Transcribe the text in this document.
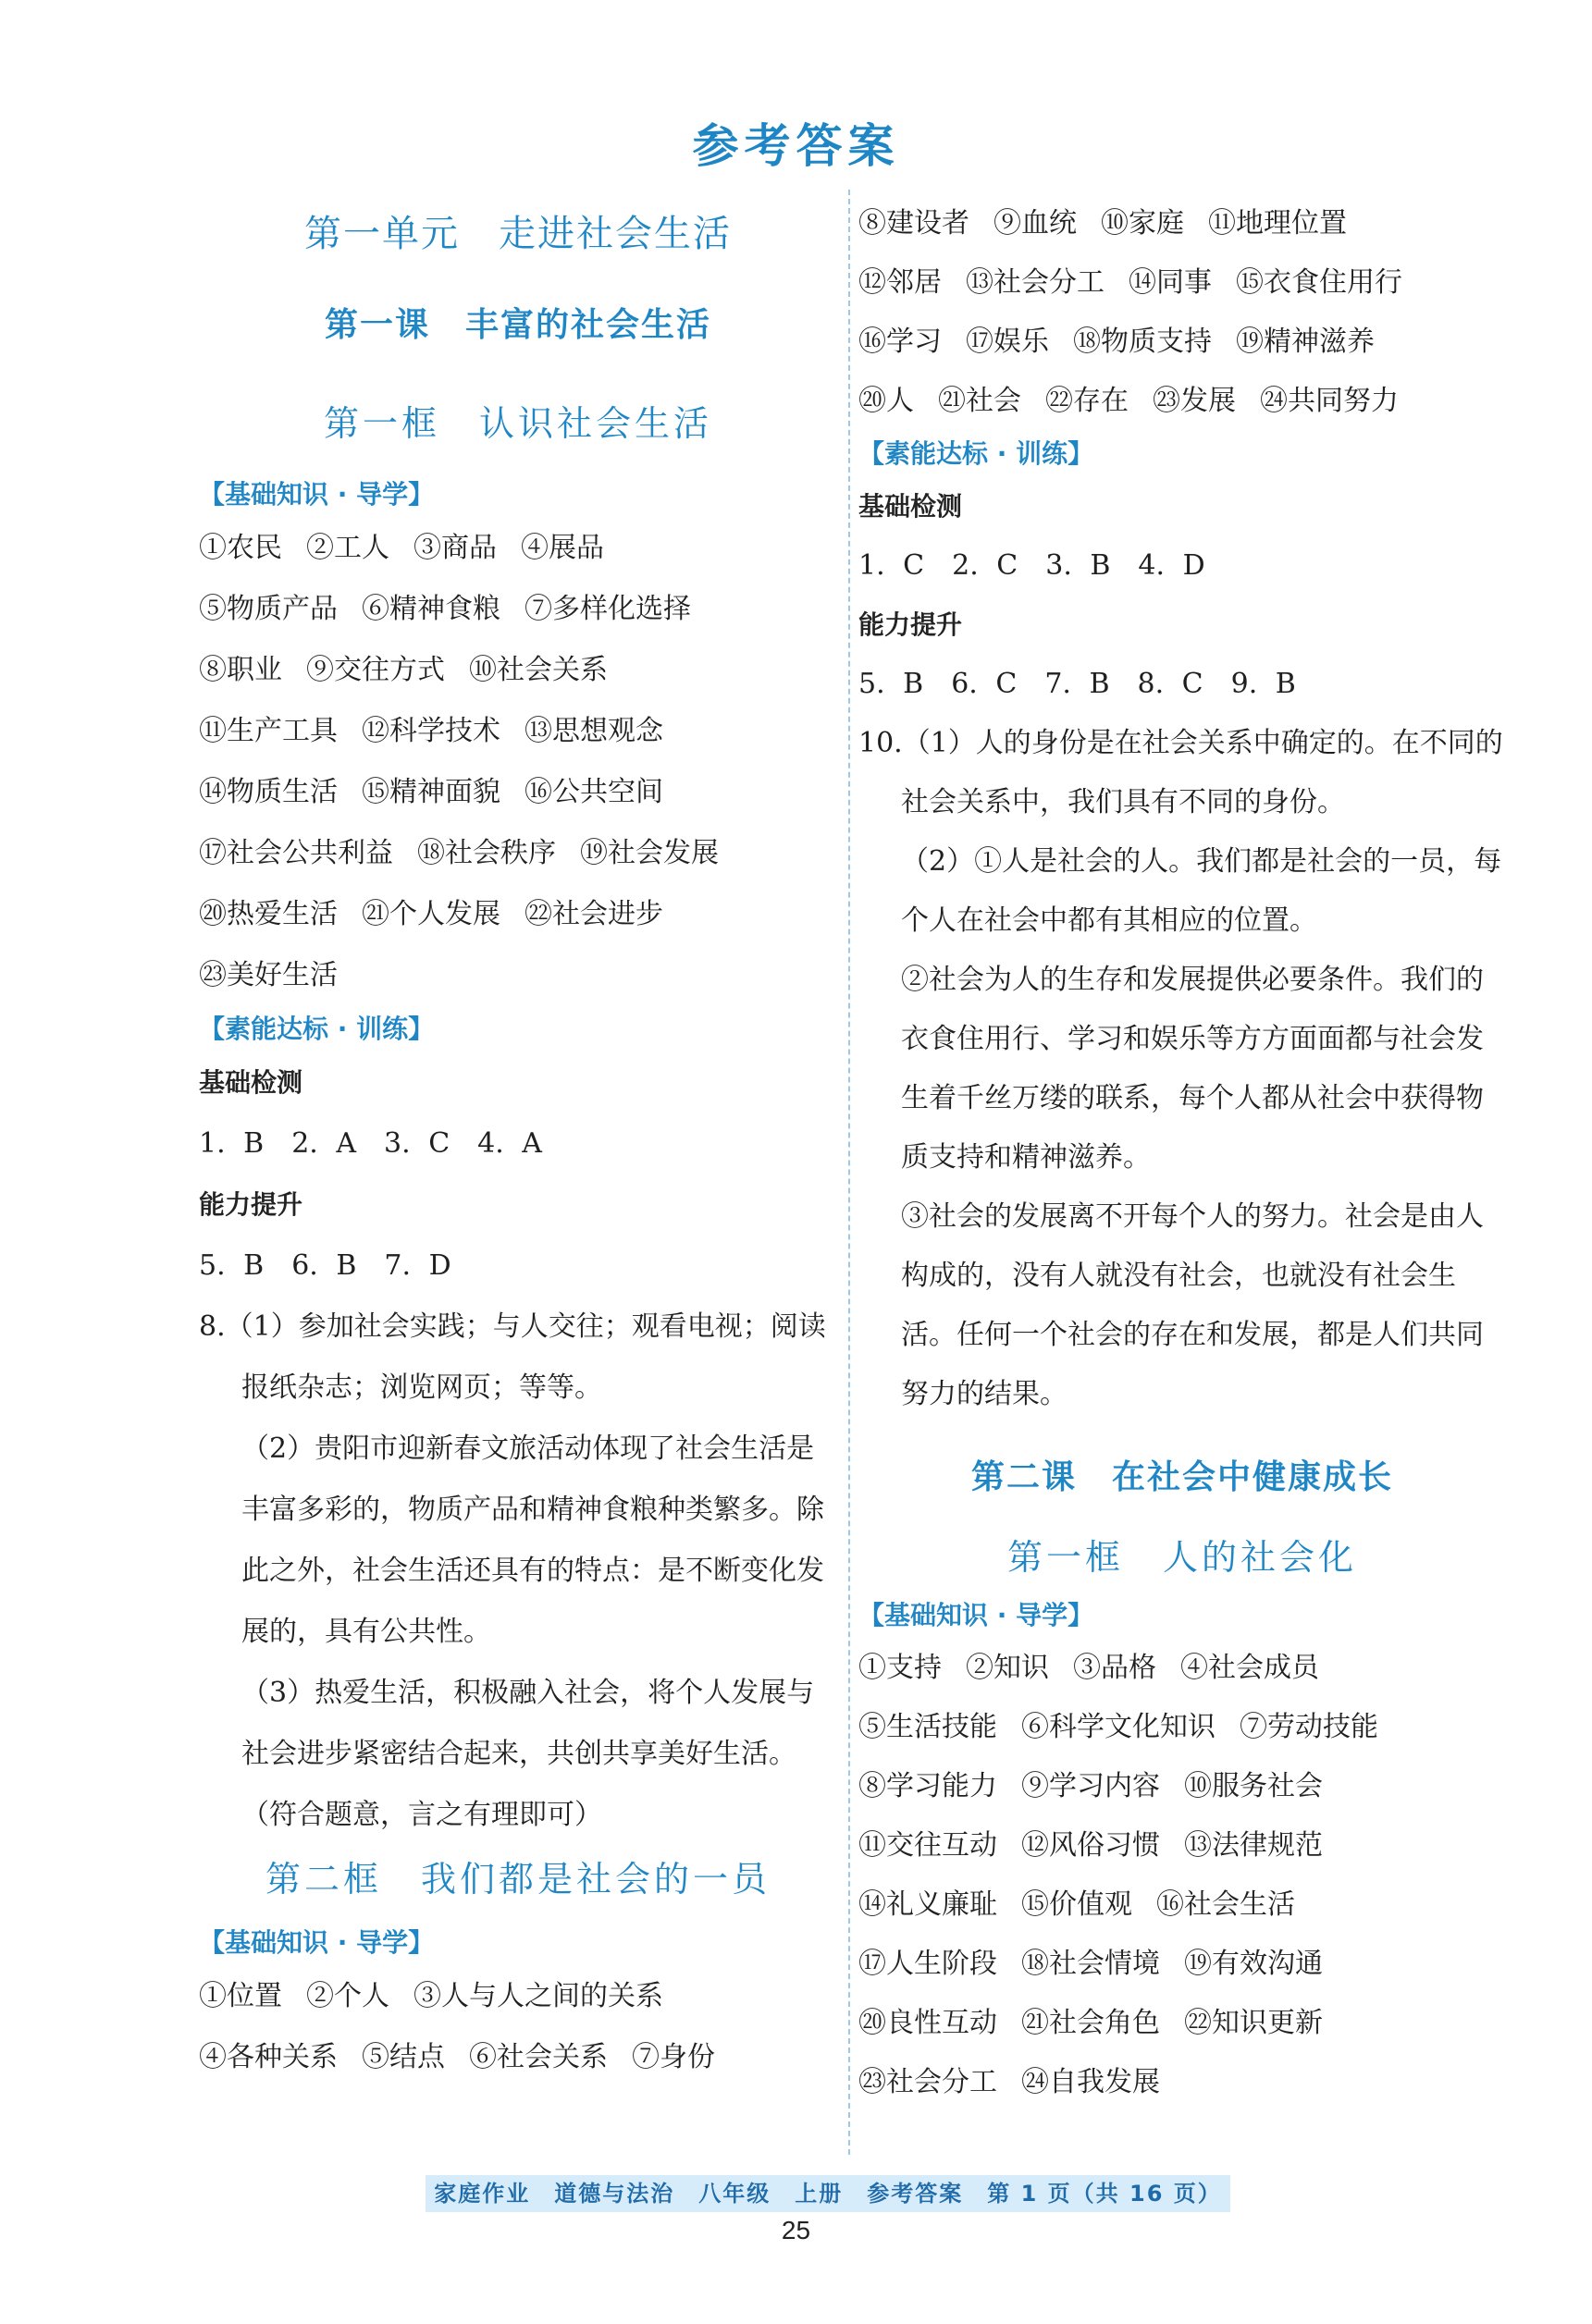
参考答案
第一单元　走进社会生活
第一课　丰富的社会生活
第一框　认识社会生活
【基础知识 · 导学】
①农民 ②工人 ③商品 ④展品
⑤物质产品 ⑥精神食粮 ⑦多样化选择
⑧职业 ⑨交往方式 ⑩社会关系
⑪生产工具 ⑫科学技术 ⑬思想观念
⑭物质生活 ⑮精神面貌 ⑯公共空间
⑰社会公共利益 ⑱社会秩序 ⑲社会发展
⑳热爱生活 ㉑个人发展 ㉒社会进步
㉓美好生活
【素能达标 · 训练】
基础检测
1. B　2. A　3. C　4. A
能力提升
5. B　6. B　7. D

8.（1）参加社会实践；与人交往；观看电视；阅读报纸杂志；浏览网页；等等。

（2）贵阳市迎新春文旅活动体现了社会生活是丰富多彩的，物质产品和精神食粮种类繁多。除此之外，社会生活还具有的特点：是不断变化发展的，具有公共性。

（3）热爱生活，积极融入社会，将个人发展与社会进步紧密结合起来，共创共享美好生活。（符合题意，言之有理即可）

第二框　我们都是社会的一员
【基础知识 · 导学】
①位置 ②个人 ③人与人之间的关系
④各种关系 ⑤结点 ⑥社会关系 ⑦身份
⑧建设者 ⑨血统 ⑩家庭 ⑪地理位置
⑫邻居 ⑬社会分工 ⑭同事 ⑮衣食住用行
⑯学习 ⑰娱乐 ⑱物质支持 ⑲精神滋养
⑳人 ㉑社会 ㉒存在 ㉓发展 ㉔共同努力
【素能达标 · 训练】
基础检测
1. C　2. C　3. B　4. D
能力提升
5. B　6. C　7. B　8. C　9. B

10.（1）人的身份是在社会关系中确定的。在不同的社会关系中，我们具有不同的身份。

（2）①人是社会的人。我们都是社会的一员，每个人在社会中都有其相应的位置。

②社会为人的生存和发展提供必要条件。我们的衣食住用行、学习和娱乐等方方面面都与社会发生着千丝万缕的联系，每个人都从社会中获得物质支持和精神滋养。

③社会的发展离不开每个人的努力。社会是由人构成的，没有人就没有社会，也就没有社会生活。任何一个社会的存在和发展，都是人们共同努力的结果。

第二课　在社会中健康成长
第一框　人的社会化
【基础知识 · 导学】
①支持 ②知识 ③品格 ④社会成员
⑤生活技能 ⑥科学文化知识 ⑦劳动技能
⑧学习能力 ⑨学习内容 ⑩服务社会
⑪交往互动 ⑫风俗习惯 ⑬法律规范
⑭礼义廉耻 ⑮价值观 ⑯社会生活
⑰人生阶段 ⑱社会情境 ⑲有效沟通
⑳良性互动 ㉑社会角色 ㉒知识更新
㉓社会分工 ㉔自我发展
家庭作业　道德与法治　八年级　上册　参考答案　第 1 页（共 16 页）
25
